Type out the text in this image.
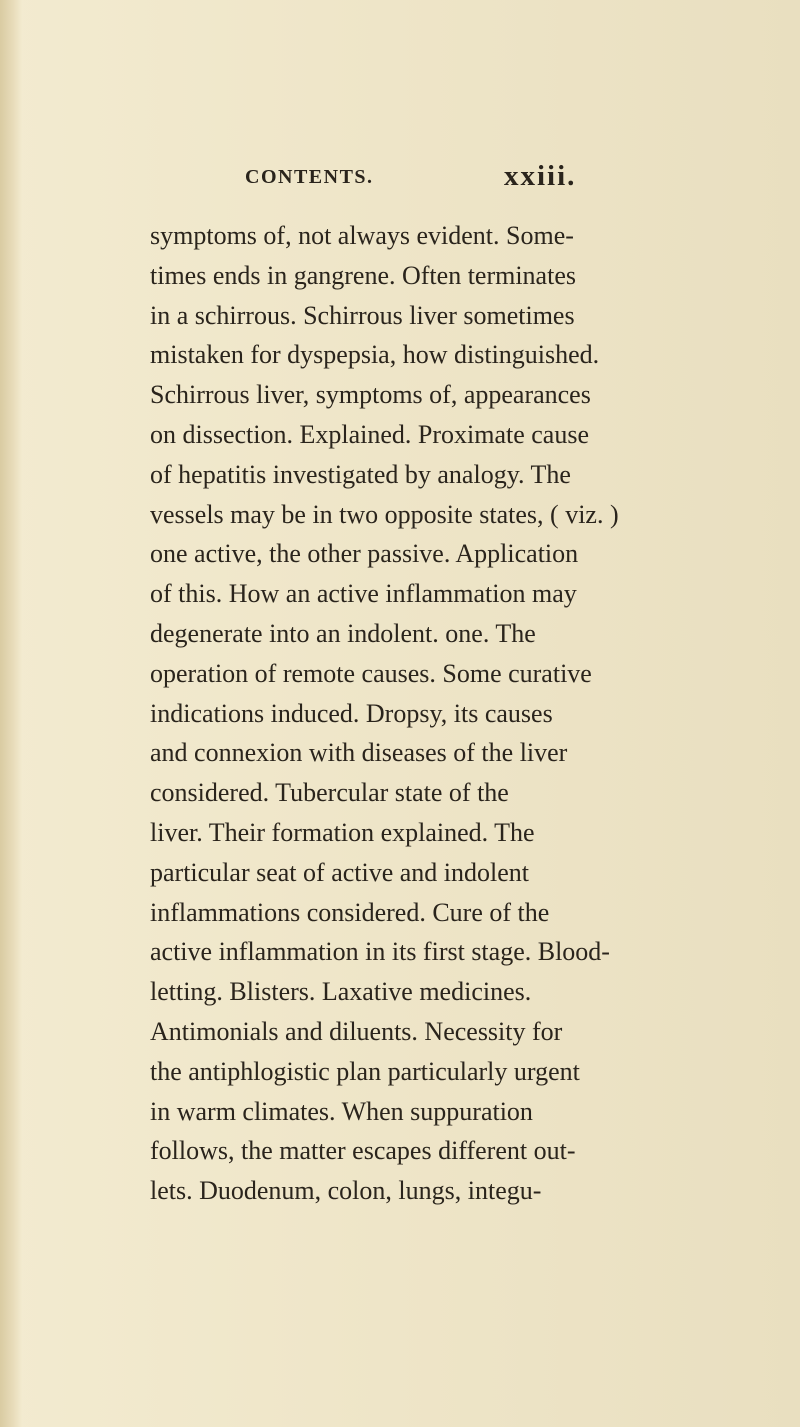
CONTENTS.	xxiii.
symptoms of, not always evident. Some-
times ends in gangrene. Often terminates
in a schirrous. Schirrous liver sometimes
mistaken for dyspepsia, how distinguished.
Schirrous liver, symptoms of, appearances
on dissection. Explained. Proximate cause
of hepatitis investigated by analogy. The
vessels may be in two opposite states, ( viz. )
one active, the other passive. Application
of this. How an active inflammation may
degenerate into an indolent. one. The
operation of remote causes. Some curative
indications induced. Dropsy, its causes
and connexion with diseases of the liver
considered. Tubercular state of the
liver. Their formation explained. The
particular seat of active and indolent
inflammations considered. Cure of the
active inflammation in its first stage. Blood-
letting. Blisters. Laxative medicines.
Antimonials and diluents. Necessity for
the antiphlogistic plan particularly urgent
in warm climates. When suppuration
follows, the matter escapes different out-
lets. Duodenum, colon, lungs, integu-
